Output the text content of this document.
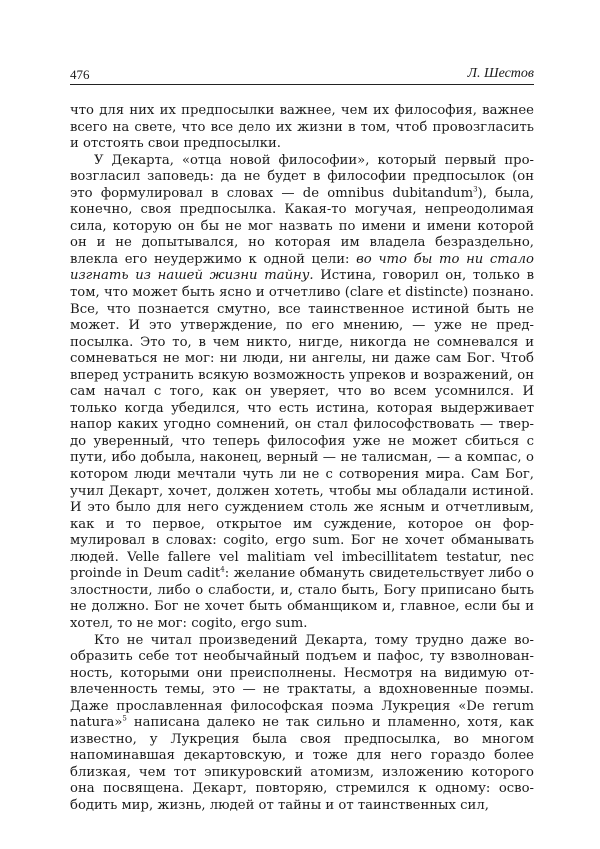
476	Л. Шестов

что для них их предпосылки важнее, чем их философия, важнее всего на свете, что все дело их жизни в том, чтоб провозгласить и отстоять свои предпосылки.

У Декарта, «отца новой философии», который первый провозгласил заповедь: да не будет в философии предпосылок (он это формулировал в словах — de omnibus dubitandum$^3$), была, конечно, своя предпосылка. Какая-то могучая, непреодолимая сила, которую он бы не мог назвать по имени и имени которой он и не допытывался, но которая им владела безраздельно, влекла его неудержимо к одной цели: во что бы то ни стало изгнать из нашей жизни тайну. Истина, говорил он, только в том, что может быть ясно и отчетливо (clare et distincte) познано. Все, что познается смутно, все таинственное истиной быть не может. И это утверждение, по его мнению, — уже не предпосылка. Это то, в чем никто, нигде, никогда не сомневался и сомневаться не мог: ни люди, ни ангелы, ни даже сам Бог. Чтоб вперед устранить всякую возможность упреков и возражений, он сам начал с того, как он уверяет, что во всем усомнился. И только когда убедился, что есть истина, которая выдерживает напор каких угодно сомнений, он стал философствовать — твердо уверенный, что теперь философия уже не может сбиться с пути, ибо добыла, наконец, верный — не талисман, — а компас, о котором люди мечтали чуть ли не с сотворения мира. Сам Бог, учил Декарт, хочет, должен хотеть, чтобы мы обладали истиной. И это было для него суждением столь же ясным и отчетливым, как и то первое, открытое им суждение, которое он формулировал в словах: cogito, ergo sum. Бог не хочет обманывать людей. Velle fallere vel malitiam vel imbecillitatem testatur, nec proinde in Deum cadit$^4$: желание обмануть свидетельствует либо о злостности, либо о слабости, и, стало быть, Богу приписано быть не должно. Бог не хочет быть обманщиком и, главное, если бы и хотел, то не мог: cogito, ergo sum.

Кто не читал произведений Декарта, тому трудно даже вообразить себе тот необычайный подъем и пафос, ту взволнованность, которыми они преисполнены. Несмотря на видимую отвлеченность темы, это — не трактаты, а вдохновенные поэмы. Даже прославленная философская поэма Лукреция «De rerum natura»$^5$ написана далеко не так сильно и пламенно, хотя, как известно, у Лукреция была своя предпосылка, во многом напоминавшая декартовскую, и тоже для него гораздо более близкая, чем тот эпикуровский атомизм, изложению которого она посвящена. Декарт, повторяю, стремился к одному: освободить мир, жизнь, людей от тайны и от таинственных сил,
